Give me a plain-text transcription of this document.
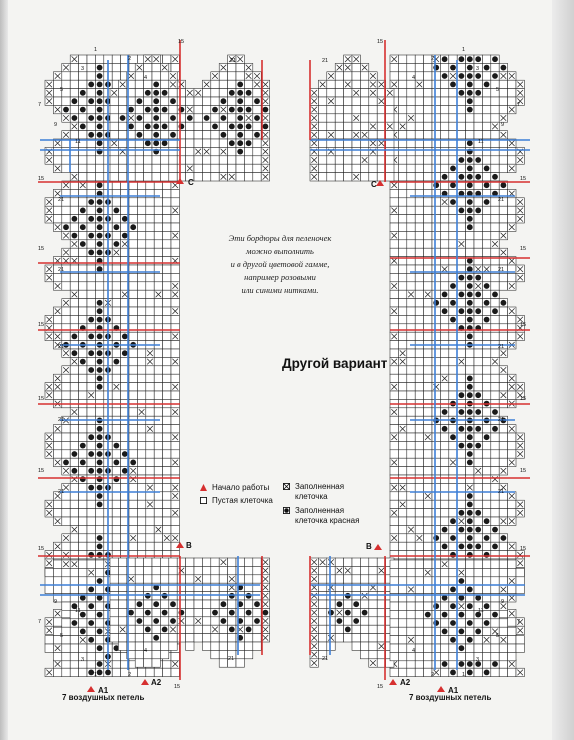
1
2
3
4
5
7
9
11
15
21
15
21
15
21
15
21
15
21
15
21
15
11
9
7
5
3
4
1	2
15
21
15
21
1
2
3
4
5
7
9
11
15
21
15
21
15
21
15
21
15
21
15
11
9
7
5
3
4
1
2
15
21
Эти бордюры для пеленочек
можно выполнить
и в другой цветовой гамме,
например розовыми
или синими нитками.
Другой вариант
Начало работы
Пустая клеточка
Заполненная
клеточка
Заполненная
клеточка красная
C	C
B	B
A1
A2
A1
A2
7 воздушных петель	7 воздушных петель
